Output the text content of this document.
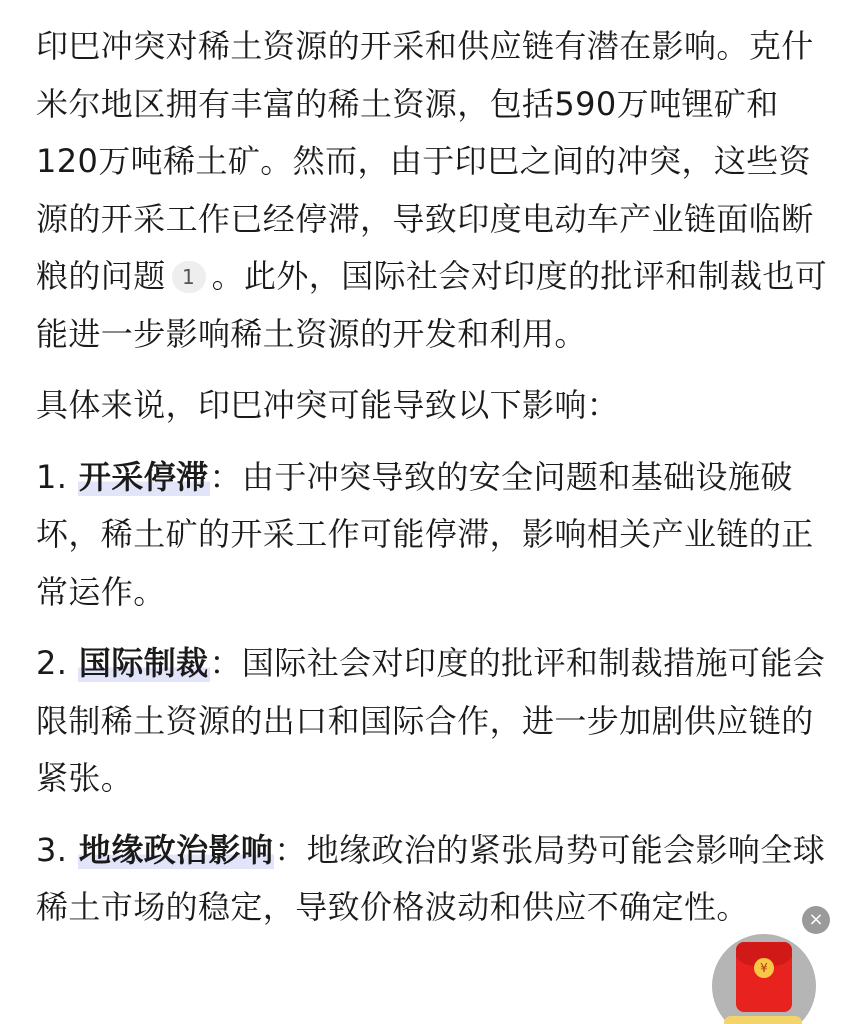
印巴冲突对稀土资源的开采和供应链有潜在影响。克什米尔地区拥有丰富的稀土资源，包括590万吨锂矿和120万吨稀土矿。然而，由于印巴之间的冲突，这些资源的开采工作已经停滞，导致印度电动车产业链面临断粮的问题 1 。此外，国际社会对印度的批评和制裁也可能进一步影响稀土资源的开发和利用。

具体来说，印巴冲突可能导致以下影响：

1. 开采停滞：由于冲突导致的安全问题和基础设施破坏，稀土矿的开采工作可能停滞，影响相关产业链的正常运作。

2. 国际制裁：国际社会对印度的批评和制裁措施可能会限制稀土资源的出口和国际合作，进一步加剧供应链的紧张。

3. 地缘政治影响：地缘政治的紧张局势可能会影响全球稀土市场的稳定，导致价格波动和供应不确定性。	×
¥
